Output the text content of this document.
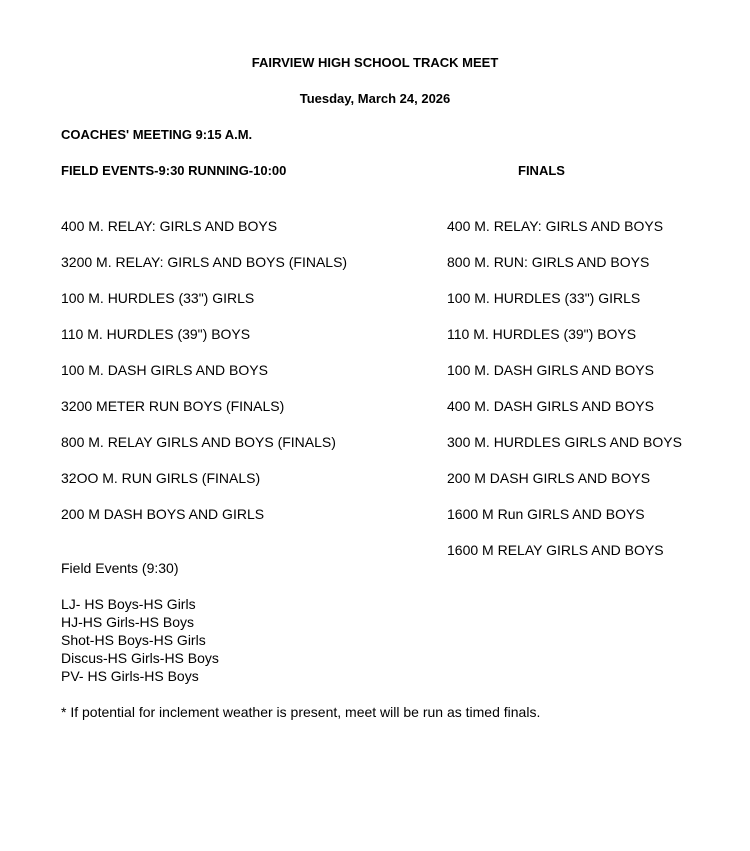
FAIRVIEW HIGH SCHOOL TRACK MEET
Tuesday, March 24, 2026
COACHES' MEETING 9:15 A.M.
FIELD EVENTS-9:30 RUNNING-10:00	FINALS
400 M. RELAY: GIRLS AND BOYS
3200 M. RELAY: GIRLS AND BOYS (FINALS)
100 M. HURDLES (33") GIRLS
110 M. HURDLES (39") BOYS
100 M. DASH GIRLS AND BOYS
3200 METER RUN BOYS (FINALS)
800 M. RELAY GIRLS AND BOYS (FINALS)
32OO M. RUN GIRLS (FINALS)
200 M DASH BOYS AND GIRLS
400 M. RELAY: GIRLS AND BOYS
800 M. RUN: GIRLS AND BOYS
100 M. HURDLES (33") GIRLS
110 M. HURDLES (39") BOYS
100 M. DASH GIRLS AND BOYS
400 M. DASH GIRLS AND BOYS
300 M. HURDLES GIRLS AND BOYS
200 M DASH GIRLS AND BOYS
1600 M Run GIRLS AND BOYS
1600 M RELAY GIRLS AND BOYS
Field Events (9:30)
LJ- HS Boys-HS Girls
HJ-HS Girls-HS Boys
Shot-HS Boys-HS Girls
Discus-HS Girls-HS Boys
PV- HS Girls-HS Boys
* If potential for inclement weather is present, meet will be run as timed finals.
